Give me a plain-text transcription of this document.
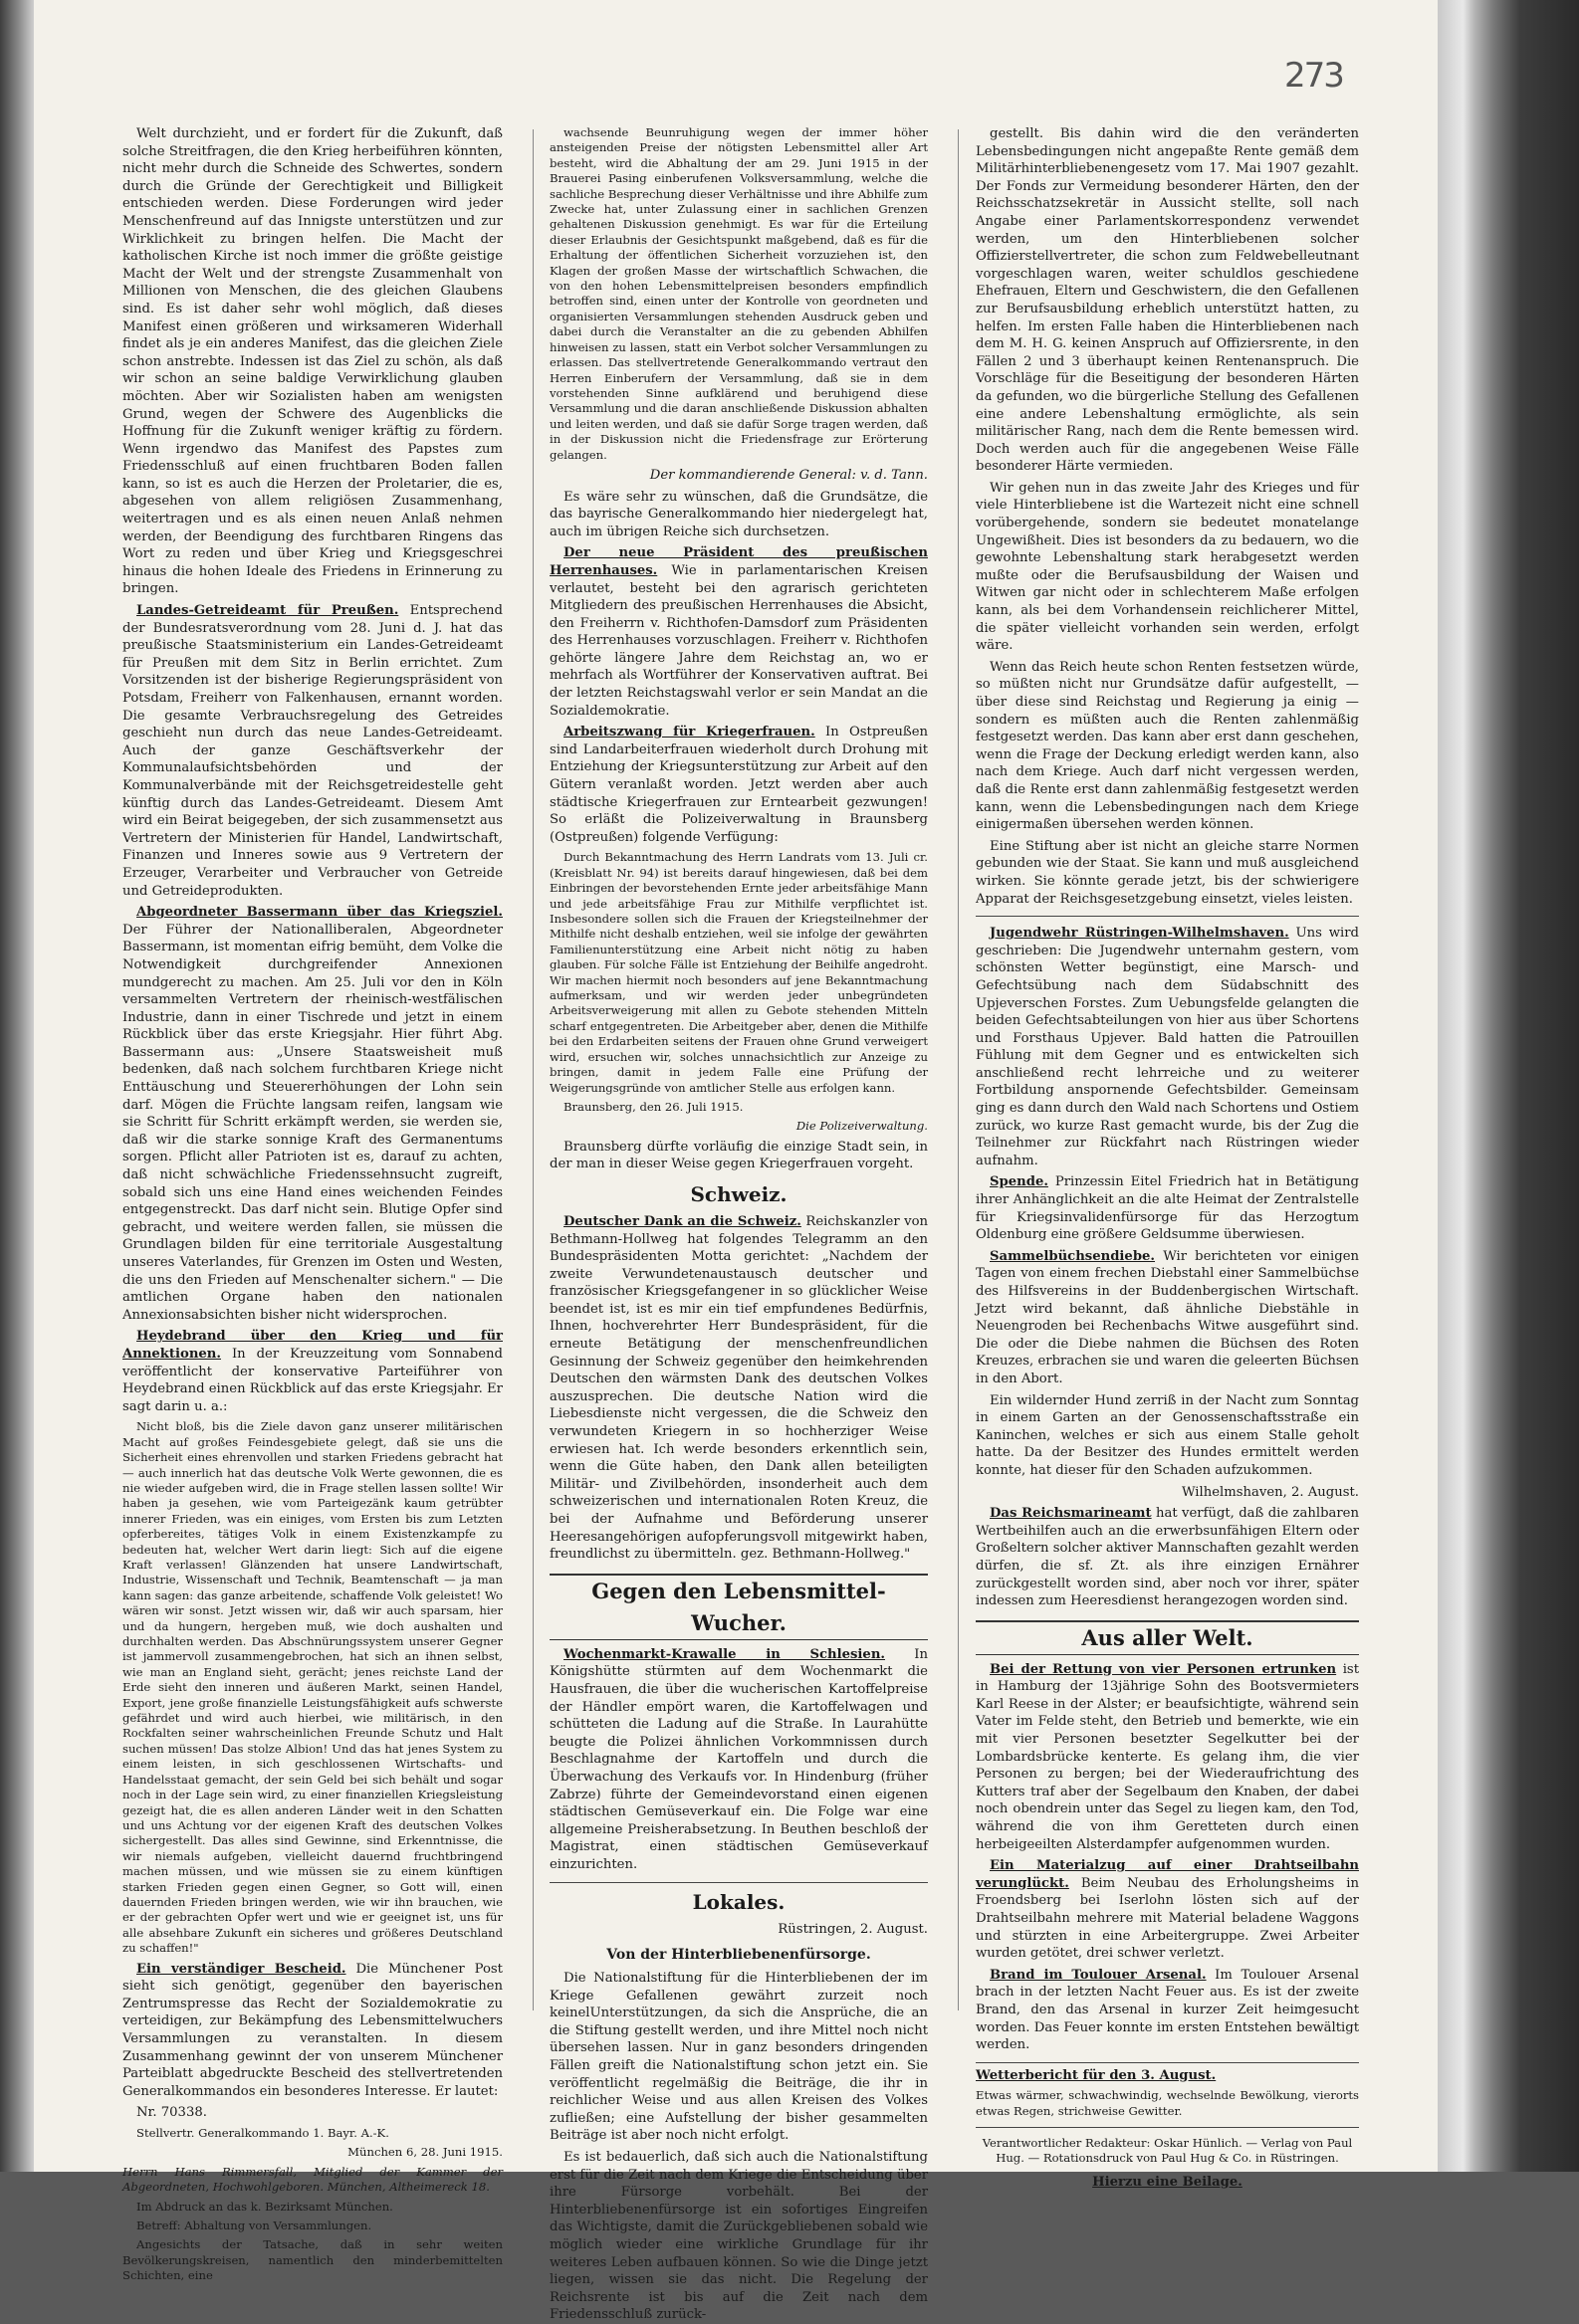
273

Welt durchzieht, und er fordert für die Zukunft, daß solche Streitfragen, die den Krieg herbeiführen könnten, nicht mehr durch die Schneide des Schwertes, sondern durch die Gründe der Gerechtigkeit und Billigkeit entschieden werden. Diese Forderungen wird jeder Menschenfreund auf das Innigste unterstützen und zur Wirklichkeit zu bringen helfen. Die Macht der katholischen Kirche ist noch immer die größte geistige Macht der Welt und der strengste Zusammenhalt von Millionen von Menschen, die des gleichen Glaubens sind. Es ist daher sehr wohl möglich, daß dieses Manifest einen größeren und wirksameren Widerhall findet als je ein anderes Manifest, das die gleichen Ziele schon anstrebte. Indessen ist das Ziel zu schön, als daß wir schon an seine baldige Verwirklichung glauben möchten. Aber wir Sozialisten haben am wenigsten Grund, wegen der Schwere des Augenblicks die Hoffnung für die Zukunft weniger kräftig zu fördern. Wenn irgendwo das Manifest des Papstes zum Friedensschluß auf einen fruchtbaren Boden fallen kann, so ist es auch die Herzen der Proletarier, die es, abgesehen von allem religiösen Zusammenhang, weitertragen und es als einen neuen Anlaß nehmen werden, der Beendigung des furchtbaren Ringens das Wort zu reden und über Krieg und Kriegsgeschrei hinaus die hohen Ideale des Friedens in Erinnerung zu bringen.

Landes-Getreideamt für Preußen. Entsprechend der Bundesratsverordnung vom 28. Juni d. J. hat das preußische Staatsministerium ein Landes-Getreideamt für Preußen mit dem Sitz in Berlin errichtet. Zum Vorsitzenden ist der bisherige Regierungspräsident von Potsdam, Freiherr von Falkenhausen, ernannt worden. Die gesamte Verbrauchsregelung des Getreides geschieht nun durch das neue Landes-Getreideamt. Auch der ganze Geschäftsverkehr der Kommunalaufsichtsbehörden und der Kommunalverbände mit der Reichsgetreidestelle geht künftig durch das Landes-Getreideamt. Diesem Amt wird ein Beirat beigegeben, der sich zusammensetzt aus Vertretern der Ministerien für Handel, Landwirtschaft, Finanzen und Inneres sowie aus 9 Vertretern der Erzeuger, Verarbeiter und Verbraucher von Getreide und Getreideprodukten.

Abgeordneter Bassermann über das Kriegsziel. Der Führer der Nationalliberalen, Abgeordneter Bassermann, ist momentan eifrig bemüht, dem Volke die Notwendigkeit durchgreifender Annexionen mundgerecht zu machen. Am 25. Juli vor den in Köln versammelten Vertretern der rheinisch-westfälischen Industrie, dann in einer Tischrede und jetzt in einem Rückblick über das erste Kriegsjahr. Hier führt Abg. Bassermann aus: „Unsere Staatsweisheit muß bedenken, daß nach solchem furchtbaren Kriege nicht Enttäuschung und Steuererhöhungen der Lohn sein darf. Mögen die Früchte langsam reifen, langsam wie sie Schritt für Schritt erkämpft werden, sie werden sie, daß wir die starke sonnige Kraft des Germanentums sorgen. Pflicht aller Patrioten ist es, darauf zu achten, daß nicht schwächliche Friedenssehnsucht zugreift, sobald sich uns eine Hand eines weichenden Feindes entgegenstreckt. Das darf nicht sein. Blutige Opfer sind gebracht, und weitere werden fallen, sie müssen die Grundlagen bilden für eine territoriale Ausgestaltung unseres Vaterlandes, für Grenzen im Osten und Westen, die uns den Frieden auf Menschenalter sichern." — Die amtlichen Organe haben den nationalen Annexionsabsichten bisher nicht widersprochen.

Heydebrand über den Krieg und für Annektionen. In der Kreuzzeitung vom Sonnabend veröffentlicht der konservative Parteiführer von Heydebrand einen Rückblick auf das erste Kriegsjahr. Er sagt darin u. a.:

Nicht bloß, bis die Ziele davon ganz unserer militärischen Macht auf großes Feindesgebiete gelegt, daß sie uns die Sicherheit eines ehrenvollen und starken Friedens gebracht hat — auch innerlich hat das deutsche Volk Werte gewonnen, die es nie wieder aufgeben wird, die in Frage stellen lassen sollte! Wir haben ja gesehen, wie vom Parteigezänk kaum getrübter innerer Frieden, was ein einiges, vom Ersten bis zum Letzten opferbereites, tätiges Volk in einem Existenzkampfe zu bedeuten hat, welcher Wert darin liegt: Sich auf die eigene Kraft verlassen! Glänzenden hat unsere Landwirtschaft, Industrie, Wissenschaft und Technik, Beamtenschaft — ja man kann sagen: das ganze arbeitende, schaffende Volk geleistet! Wo wären wir sonst. Jetzt wissen wir, daß wir auch sparsam, hier und da hungern, hergeben muß, wie doch aushalten und durchhalten werden. Das Abschnürungssystem unserer Gegner ist jammervoll zusammengebrochen, hat sich an ihnen selbst, wie man an England sieht, gerächt; jenes reichste Land der Erde sieht den inneren und äußeren Markt, seinen Handel, Export, jene große finanzielle Leistungsfähigkeit aufs schwerste gefährdet und wird auch hierbei, wie militärisch, in den Rockfalten seiner wahrscheinlichen Freunde Schutz und Halt suchen müssen! Das stolze Albion! Und das hat jenes System zu einem leisten, in sich geschlossenen Wirtschafts- und Handelsstaat gemacht, der sein Geld bei sich behält und sogar noch in der Lage sein wird, zu einer finanziellen Kriegsleistung gezeigt hat, die es allen anderen Länder weit in den Schatten und uns Achtung vor der eigenen Kraft des deutschen Volkes sichergestellt. Das alles sind Gewinne, sind Erkenntnisse, die wir niemals aufgeben, vielleicht dauernd fruchtbringend machen müssen, und wie müssen sie zu einem künftigen starken Frieden gegen einen Gegner, so Gott will, einen dauernden Frieden bringen werden, wie wir ihn brauchen, wie er der gebrachten Opfer wert und wie er geeignet ist, uns für alle absehbare Zukunft ein sicheres und größeres Deutschland zu schaffen!"

Ein verständiger Bescheid. Die Münchener Post sieht sich genötigt, gegenüber den bayerischen Zentrumspresse das Recht der Sozialdemokratie zu verteidigen, zur Bekämpfung des Lebensmittelwuchers Versammlungen zu veranstalten. In diesem Zusammenhang gewinnt der von unserem Münchener Parteiblatt abgedruckte Bescheid des stellvertretenden Generalkommandos ein besonderes Interesse. Er lautet:

Nr. 70338.

Stellvertr. Generalkommando 1. Bayr. A.-K.

München 6, 28. Juni 1915.

Herrn Hans Rimmersfall, Mitglied der Kammer der Abgeordneten, Hochwohlgeboren. München, Altheimereck 18.

Im Abdruck an das k. Bezirksamt München.

Betreff: Abhaltung von Versammlungen.

Angesichts der Tatsache, daß in sehr weiten Bevölkerungskreisen, namentlich den minderbemittelten Schichten, eine

wachsende Beunruhigung wegen der immer höher ansteigenden Preise der nötigsten Lebensmittel aller Art besteht, wird die Abhaltung der am 29. Juni 1915 in der Brauerei Pasing einberufenen Volksversammlung, welche die sachliche Besprechung dieser Verhältnisse und ihre Abhilfe zum Zwecke hat, unter Zulassung einer in sachlichen Grenzen gehaltenen Diskussion genehmigt. Es war für die Erteilung dieser Erlaubnis der Gesichtspunkt maßgebend, daß es für die Erhaltung der öffentlichen Sicherheit vorzuziehen ist, den Klagen der großen Masse der wirtschaftlich Schwachen, die von den hohen Lebensmittelpreisen besonders empfindlich betroffen sind, einen unter der Kontrolle von geordneten und organisierten Versammlungen stehenden Ausdruck geben und dabei durch die Veranstalter an die zu gebenden Abhilfen hinweisen zu lassen, statt ein Verbot solcher Versammlungen zu erlassen. Das stellvertretende Generalkommando vertraut den Herren Einberufern der Versammlung, daß sie in dem vorstehenden Sinne aufklärend und beruhigend diese Versammlung und die daran anschließende Diskussion abhalten und leiten werden, und daß sie dafür Sorge tragen werden, daß in der Diskussion nicht die Friedensfrage zur Erörterung gelangen.

Der kommandierende General: v. d. Tann.

Es wäre sehr zu wünschen, daß die Grundsätze, die das bayrische Generalkommando hier niedergelegt hat, auch im übrigen Reiche sich durchsetzen.

Der neue Präsident des preußischen Herrenhauses. Wie in parlamentarischen Kreisen verlautet, besteht bei den agrarisch gerichteten Mitgliedern des preußischen Herrenhauses die Absicht, den Freiherrn v. Richthofen-Damsdorf zum Präsidenten des Herrenhauses vorzuschlagen. Freiherr v. Richthofen gehörte längere Jahre dem Reichstag an, wo er mehrfach als Wortführer der Konservativen auftrat. Bei der letzten Reichstagswahl verlor er sein Mandat an die Sozialdemokratie.

Arbeitszwang für Kriegerfrauen. In Ostpreußen sind Landarbeiterfrauen wiederholt durch Drohung mit Entziehung der Kriegsunterstützung zur Arbeit auf den Gütern veranlaßt worden. Jetzt werden aber auch städtische Kriegerfrauen zur Erntearbeit gezwungen! So erläßt die Polizeiverwaltung in Braunsberg (Ostpreußen) folgende Verfügung:

Durch Bekanntmachung des Herrn Landrats vom 13. Juli cr. (Kreisblatt Nr. 94) ist bereits darauf hingewiesen, daß bei dem Einbringen der bevorstehenden Ernte jeder arbeitsfähige Mann und jede arbeitsfähige Frau zur Mithilfe verpflichtet ist. Insbesondere sollen sich die Frauen der Kriegsteilnehmer der Mithilfe nicht deshalb entziehen, weil sie infolge der gewährten Familienunterstützung eine Arbeit nicht nötig zu haben glauben. Für solche Fälle ist Entziehung der Beihilfe angedroht. Wir machen hiermit noch besonders auf jene Bekanntmachung aufmerksam, und wir werden jeder unbegründeten Arbeitsverweigerung mit allen zu Gebote stehenden Mitteln scharf entgegentreten. Die Arbeitgeber aber, denen die Mithilfe bei den Erdarbeiten seitens der Frauen ohne Grund verweigert wird, ersuchen wir, solches unnachsichtlich zur Anzeige zu bringen, damit in jedem Falle eine Prüfung der Weigerungsgründe von amtlicher Stelle aus erfolgen kann.

Braunsberg, den 26. Juli 1915.

Die Polizeiverwaltung.

Braunsberg dürfte vorläufig die einzige Stadt sein, in der man in dieser Weise gegen Kriegerfrauen vorgeht.

Schweiz.

Deutscher Dank an die Schweiz. Reichskanzler von Bethmann-Hollweg hat folgendes Telegramm an den Bundespräsidenten Motta gerichtet: „Nachdem der zweite Verwundetenaustausch deutscher und französischer Kriegsgefangener in so glücklicher Weise beendet ist, ist es mir ein tief empfundenes Bedürfnis, Ihnen, hochverehrter Herr Bundespräsident, für die erneute Betätigung der menschenfreundlichen Gesinnung der Schweiz gegenüber den heimkehrenden Deutschen den wärmsten Dank des deutschen Volkes auszusprechen. Die deutsche Nation wird die Liebesdienste nicht vergessen, die die Schweiz den verwundeten Kriegern in so hochherziger Weise erwiesen hat. Ich werde besonders erkenntlich sein, wenn die Güte haben, den Dank allen beteiligten Militär- und Zivilbehörden, insonderheit auch dem schweizerischen und internationalen Roten Kreuz, die bei der Aufnahme und Beförderung unserer Heeresangehörigen aufopferungsvoll mitgewirkt haben, freundlichst zu übermitteln. gez. Bethmann-Hollweg."

Gegen den Lebensmittel-Wucher.

Wochenmarkt-Krawalle in Schlesien. In Königshütte stürmten auf dem Wochenmarkt die Hausfrauen, die über die wucherischen Kartoffelpreise der Händler empört waren, die Kartoffelwagen und schütteten die Ladung auf die Straße. In Laurahütte beugte die Polizei ähnlichen Vorkommnissen durch Beschlagnahme der Kartoffeln und durch die Überwachung des Verkaufs vor. In Hindenburg (früher Zabrze) führte der Gemeindevorstand einen eigenen städtischen Gemüseverkauf ein. Die Folge war eine allgemeine Preisherabsetzung. In Beuthen beschloß der Magistrat, einen städtischen Gemüseverkauf einzurichten.

Lokales.

Rüstringen, 2. August.

Von der Hinterbliebenenfürsorge.

Die Nationalstiftung für die Hinterbliebenen der im Kriege Gefallenen gewährt zurzeit noch keinelUnterstützungen, da sich die Ansprüche, die an die Stiftung gestellt werden, und ihre Mittel noch nicht übersehen lassen. Nur in ganz besonders dringenden Fällen greift die Nationalstiftung schon jetzt ein. Sie veröffentlicht regelmäßig die Beiträge, die ihr in reichlicher Weise und aus allen Kreisen des Volkes zufließen; eine Aufstellung der bisher gesammelten Beiträge ist aber noch nicht erfolgt.

Es ist bedauerlich, daß sich auch die Nationalstiftung erst für die Zeit nach dem Kriege die Entscheidung über ihre Fürsorge vorbehält. Bei der Hinterbliebenenfürsorge ist ein sofortiges Eingreifen das Wichtigste, damit die Zurückgebliebenen sobald wie möglich wieder eine wirkliche Grundlage für ihr weiteres Leben aufbauen können. So wie die Dinge jetzt liegen, wissen sie das nicht. Die Regelung der Reichsrente ist bis auf die Zeit nach dem Friedensschluß zurück-

gestellt. Bis dahin wird die den veränderten Lebensbedingungen nicht angepaßte Rente gemäß dem Militärhinterbliebenengesetz vom 17. Mai 1907 gezahlt. Der Fonds zur Vermeidung besonderer Härten, den der Reichsschatzsekretär in Aussicht stellte, soll nach Angabe einer Parlamentskorrespondenz verwendet werden, um den Hinterbliebenen solcher Offizierstellvertreter, die schon zum Feldwebelleutnant vorgeschlagen waren, weiter schuldlos geschiedene Ehefrauen, Eltern und Geschwistern, die den Gefallenen zur Berufsausbildung erheblich unterstützt hatten, zu helfen. Im ersten Falle haben die Hinterbliebenen nach dem M. H. G. keinen Anspruch auf Offiziersrente, in den Fällen 2 und 3 überhaupt keinen Rentenanspruch. Die Vorschläge für die Beseitigung der besonderen Härten da gefunden, wo die bürgerliche Stellung des Gefallenen eine andere Lebenshaltung ermöglichte, als sein militärischer Rang, nach dem die Rente bemessen wird. Doch werden auch für die angegebenen Weise Fälle besonderer Härte vermieden.

Wir gehen nun in das zweite Jahr des Krieges und für viele Hinterbliebene ist die Wartezeit nicht eine schnell vorübergehende, sondern sie bedeutet monatelange Ungewißheit. Dies ist besonders da zu bedauern, wo die gewohnte Lebenshaltung stark herabgesetzt werden mußte oder die Berufsausbildung der Waisen und Witwen gar nicht oder in schlechterem Maße erfolgen kann, als bei dem Vorhandensein reichlicherer Mittel, die später vielleicht vorhanden sein werden, erfolgt wäre.

Wenn das Reich heute schon Renten festsetzen würde, so müßten nicht nur Grundsätze dafür aufgestellt, — über diese sind Reichstag und Regierung ja einig — sondern es müßten auch die Renten zahlenmäßig festgesetzt werden. Das kann aber erst dann geschehen, wenn die Frage der Deckung erledigt werden kann, also nach dem Kriege. Auch darf nicht vergessen werden, daß die Rente erst dann zahlenmäßig festgesetzt werden kann, wenn die Lebensbedingungen nach dem Kriege einigermaßen übersehen werden können.

Eine Stiftung aber ist nicht an gleiche starre Normen gebunden wie der Staat. Sie kann und muß ausgleichend wirken. Sie könnte gerade jetzt, bis der schwierigere Apparat der Reichsgesetzgebung einsetzt, vieles leisten.

Jugendwehr Rüstringen-Wilhelmshaven. Uns wird geschrieben: Die Jugendwehr unternahm gestern, vom schönsten Wetter begünstigt, eine Marsch- und Gefechtsübung nach dem Südabschnitt des Upjeverschen Forstes. Zum Uebungsfelde gelangten die beiden Gefechtsabteilungen von hier aus über Schortens und Forsthaus Upjever. Bald hatten die Patrouillen Fühlung mit dem Gegner und es entwickelten sich anschließend recht lehrreiche und zu weiterer Fortbildung anspornende Gefechtsbilder. Gemeinsam ging es dann durch den Wald nach Schortens und Ostiem zurück, wo kurze Rast gemacht wurde, bis der Zug die Teilnehmer zur Rückfahrt nach Rüstringen wieder aufnahm.

Spende. Prinzessin Eitel Friedrich hat in Betätigung ihrer Anhänglichkeit an die alte Heimat der Zentralstelle für Kriegsinvalidenfürsorge für das Herzogtum Oldenburg eine größere Geldsumme überwiesen.

Sammelbüchsendiebe. Wir berichteten vor einigen Tagen von einem frechen Diebstahl einer Sammelbüchse des Hilfsvereins in der Buddenbergischen Wirtschaft. Jetzt wird bekannt, daß ähnliche Diebstähle in Neuengroden bei Rechenbachs Witwe ausgeführt sind. Die oder die Diebe nahmen die Büchsen des Roten Kreuzes, erbrachen sie und waren die geleerten Büchsen in den Abort.

Ein wildernder Hund zerriß in der Nacht zum Sonntag in einem Garten an der Genossenschaftsstraße ein Kaninchen, welches er sich aus einem Stalle geholt hatte. Da der Besitzer des Hundes ermittelt werden konnte, hat dieser für den Schaden aufzukommen.

Wilhelmshaven, 2. August.

Das Reichsmarineamt hat verfügt, daß die zahlbaren Wertbeihilfen auch an die erwerbsunfähigen Eltern oder Großeltern solcher aktiver Mannschaften gezahlt werden dürfen, die sf. Zt. als ihre einzigen Ernährer zurückgestellt worden sind, aber noch vor ihrer, später indessen zum Heeresdienst herangezogen worden sind.

Aus aller Welt.

Bei der Rettung von vier Personen ertrunken ist in Hamburg der 13jährige Sohn des Bootsvermieters Karl Reese in der Alster; er beaufsichtigte, während sein Vater im Felde steht, den Betrieb und bemerkte, wie ein mit vier Personen besetzter Segelkutter bei der Lombardsbrücke kenterte. Es gelang ihm, die vier Personen zu bergen; bei der Wiederaufrichtung des Kutters traf aber der Segelbaum den Knaben, der dabei noch obendrein unter das Segel zu liegen kam, den Tod, während die von ihm Geretteten durch einen herbeigeeilten Alsterdampfer aufgenommen wurden.

Ein Materialzug auf einer Drahtseilbahn verunglückt. Beim Neubau des Erholungsheims in Froendsberg bei Iserlohn lösten sich auf der Drahtseilbahn mehrere mit Material beladene Waggons und stürzten in eine Arbeitergruppe. Zwei Arbeiter wurden getötet, drei schwer verletzt.

Brand im Toulouer Arsenal. Im Toulouer Arsenal brach in der letzten Nacht Feuer aus. Es ist der zweite Brand, den das Arsenal in kurzer Zeit heimgesucht worden. Das Feuer konnte im ersten Entstehen bewältigt werden.

Wetterbericht für den 3. August.

Etwas wärmer, schwachwindig, wechselnde Bewölkung, vierorts etwas Regen, strichweise Gewitter.

Verantwortlicher Redakteur: Oskar Hünlich. — Verlag von Paul Hug. — Rotationsdruck von Paul Hug & Co. in Rüstringen.

Hierzu eine Beilage.
